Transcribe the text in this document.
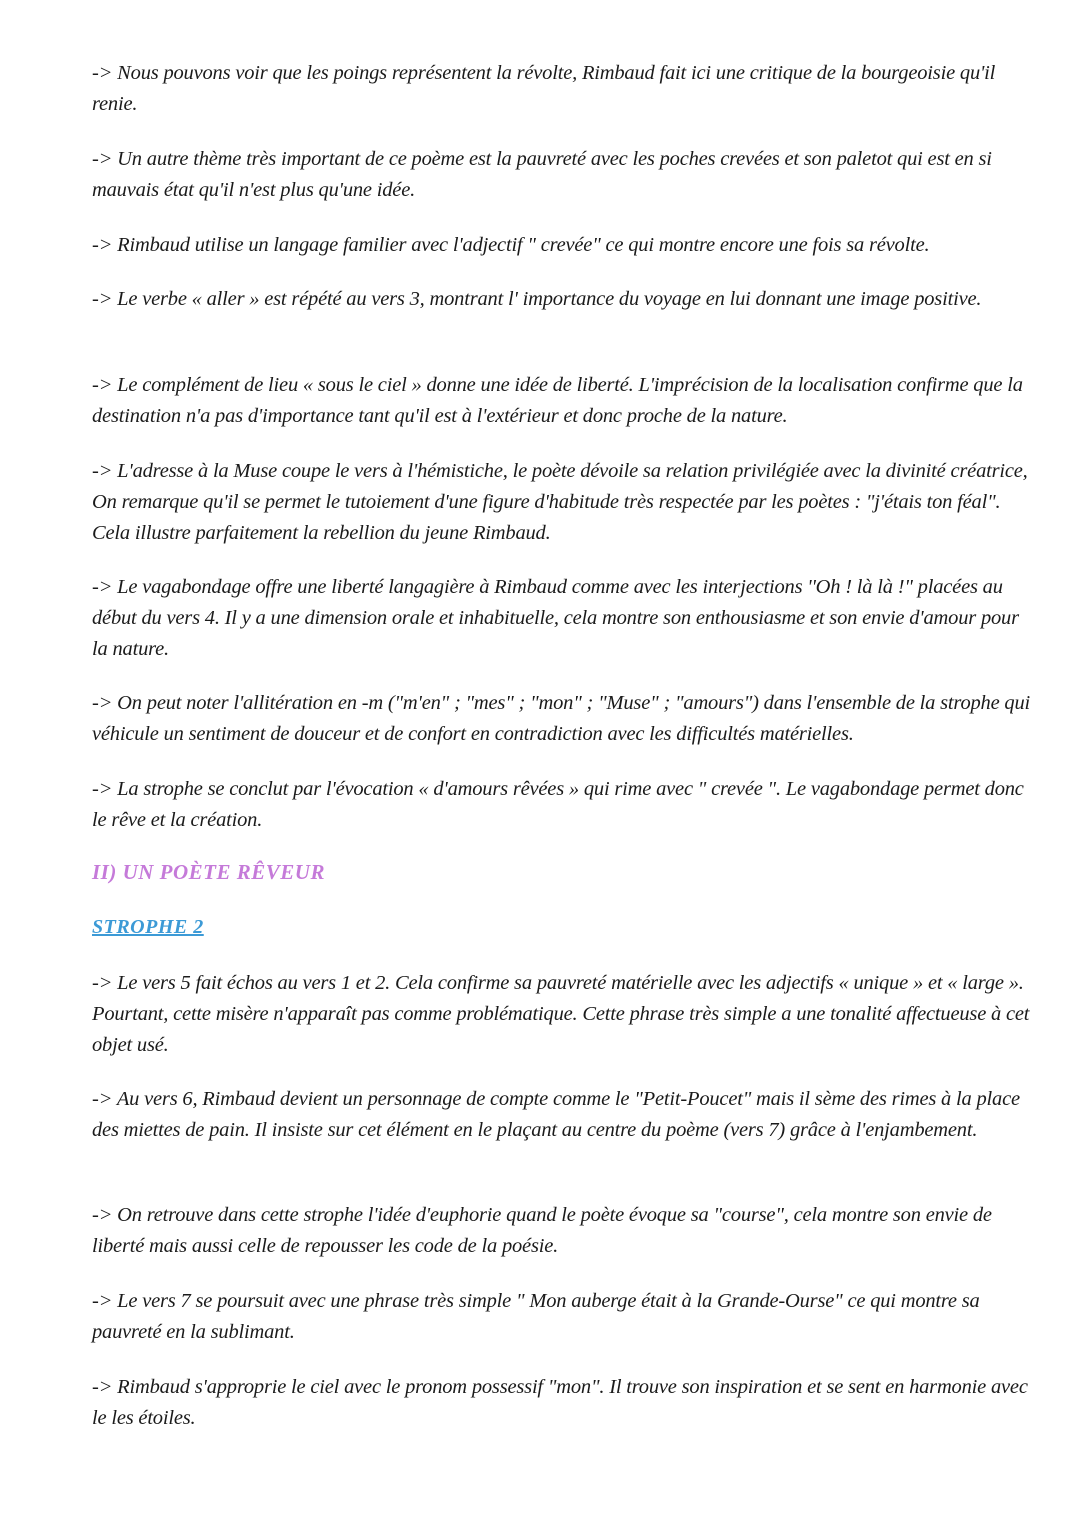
-> Nous pouvons voir que les poings représentent la révolte, Rimbaud fait ici une critique de la bourgeoisie qu'il renie.

-> Un autre thème très important de ce poème est la pauvreté avec les poches crevées et son paletot qui est en si mauvais état qu'il n'est plus qu'une idée.

-> Rimbaud utilise un langage familier avec l'adjectif " crevée" ce qui montre encore une fois sa révolte.

-> Le verbe « aller » est répété au vers 3, montrant l' importance du voyage en lui donnant une image positive.

-> Le complément de lieu « sous le ciel » donne une idée de liberté. L'imprécision de la localisation confirme que la destination n'a pas d'importance tant qu'il est à l'extérieur et donc proche de la nature.

-> L'adresse à la Muse coupe le vers à l'hémistiche, le poète dévoile sa relation privilégiée avec la divinité créatrice, On remarque qu'il se permet le tutoiement d'une figure d'habitude très respectée par les poètes : "j'étais ton féal". Cela illustre parfaitement la rebellion du jeune Rimbaud.

-> Le vagabondage offre une liberté langagière à Rimbaud comme avec les interjections ''Oh ! là là !" placées au début du vers 4. Il y a une dimension orale et inhabituelle, cela montre son enthousiasme et son envie d'amour pour la nature.

-> On peut noter l'allitération en -m ("m'en" ; "mes" ; "mon" ; "Muse" ; "amours") dans l'ensemble de la strophe qui véhicule un sentiment de douceur et de confort en contradiction avec les difficultés matérielles.

-> La strophe se conclut par l'évocation « d'amours rêvées » qui rime avec " crevée ". Le vagabondage permet donc le rêve et la création.

II) UN POÈTE RÊVEUR
STROPHE 2

-> Le vers 5 fait échos au vers 1 et 2. Cela confirme sa pauvreté matérielle avec les adjectifs « unique » et « large ». Pourtant, cette misère n'apparaît pas comme problématique. Cette phrase très simple a une tonalité affectueuse à cet objet usé.

-> Au vers 6, Rimbaud devient un personnage de compte comme le "Petit-Poucet" mais il sème des rimes à la place des miettes de pain. Il insiste sur cet élément en le plaçant au centre du poème (vers 7) grâce à l'enjambement.

-> On retrouve dans cette strophe l'idée d'euphorie quand le poète évoque sa "course", cela montre son envie de liberté mais aussi celle de repousser les code de la poésie.

-> Le vers 7 se poursuit avec une phrase très simple " Mon auberge était à la Grande-Ourse" ce qui montre sa pauvreté en la sublimant.

-> Rimbaud s'approprie le ciel avec le pronom possessif "mon". Il trouve son inspiration et se sent en harmonie avec le les étoiles.
